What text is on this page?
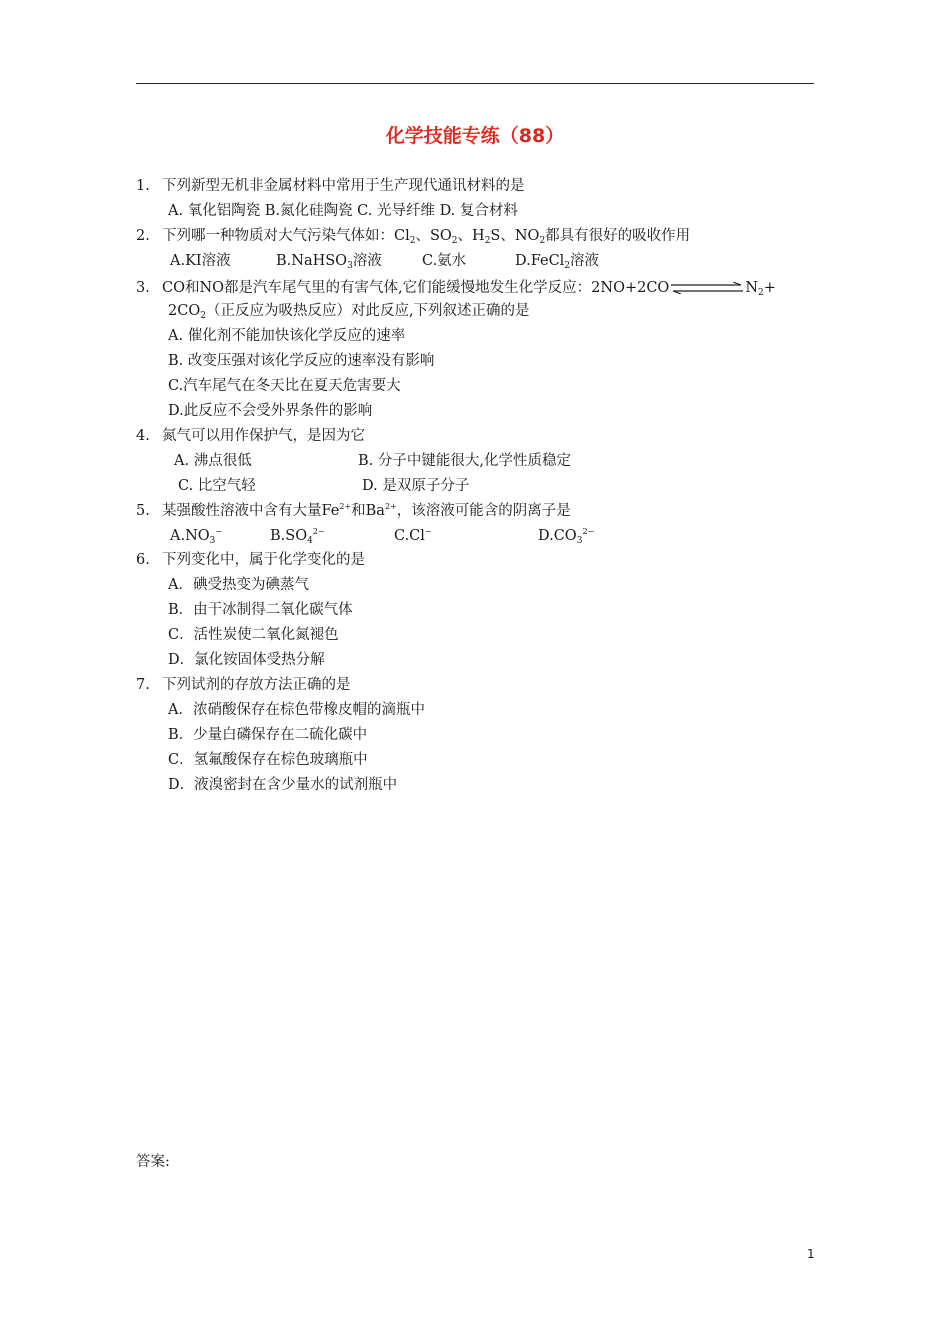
化学技能专练（88）
1. 下列新型无机非金属材料中常用于生产现代通讯材料的是
A. 氧化铝陶瓷 B.氮化硅陶瓷 C. 光导纤维 D. 复合材料
2. 下列哪一种物质对大气污染气体如：$Cl_2$、$SO_2$、$H_2S$、$NO_2$都具有很好的吸收作用
A.KI溶液	B.NaHSO$_3$溶液	C.氨水	D.FeCl$_2$溶液
3. CO和NO都是汽车尾气里的有害气体,它们能缓慢地发生化学反应：2NO+2CO	$N_2+$
$2CO_2$（正反应为吸热反应）对此反应,下列叙述正确的是
A. 催化剂不能加快该化学反应的速率
B. 改变压强对该化学反应的速率没有影响
C.汽车尾气在冬天比在夏天危害要大
D.此反应不会受外界条件的影响
4. 氮气可以用作保护气，是因为它
A. 沸点很低	B. 分子中键能很大,化学性质稳定
C. 比空气轻	D. 是双原子分子
5. 某强酸性溶液中含有大量$Fe^{2+}$和$Ba^{2+}$，该溶液可能含的阴离子是
$A.NO_3^-$	$B.SO_4^{2-}$	C.Cl−	$D.CO_3^{2-}$
6. 下列变化中，属于化学变化的是
A．碘受热变为碘蒸气
B．由干冰制得二氧化碳气体
C．活性炭使二氧化氮褪色
D．氯化铵固体受热分解
7. 下列试剂的存放方法正确的是
A．浓硝酸保存在棕色带橡皮帽的滴瓶中
B．少量白磷保存在二硫化碳中
C．氢氟酸保存在棕色玻璃瓶中
D．液溴密封在含少量水的试剂瓶中
答案:
1
